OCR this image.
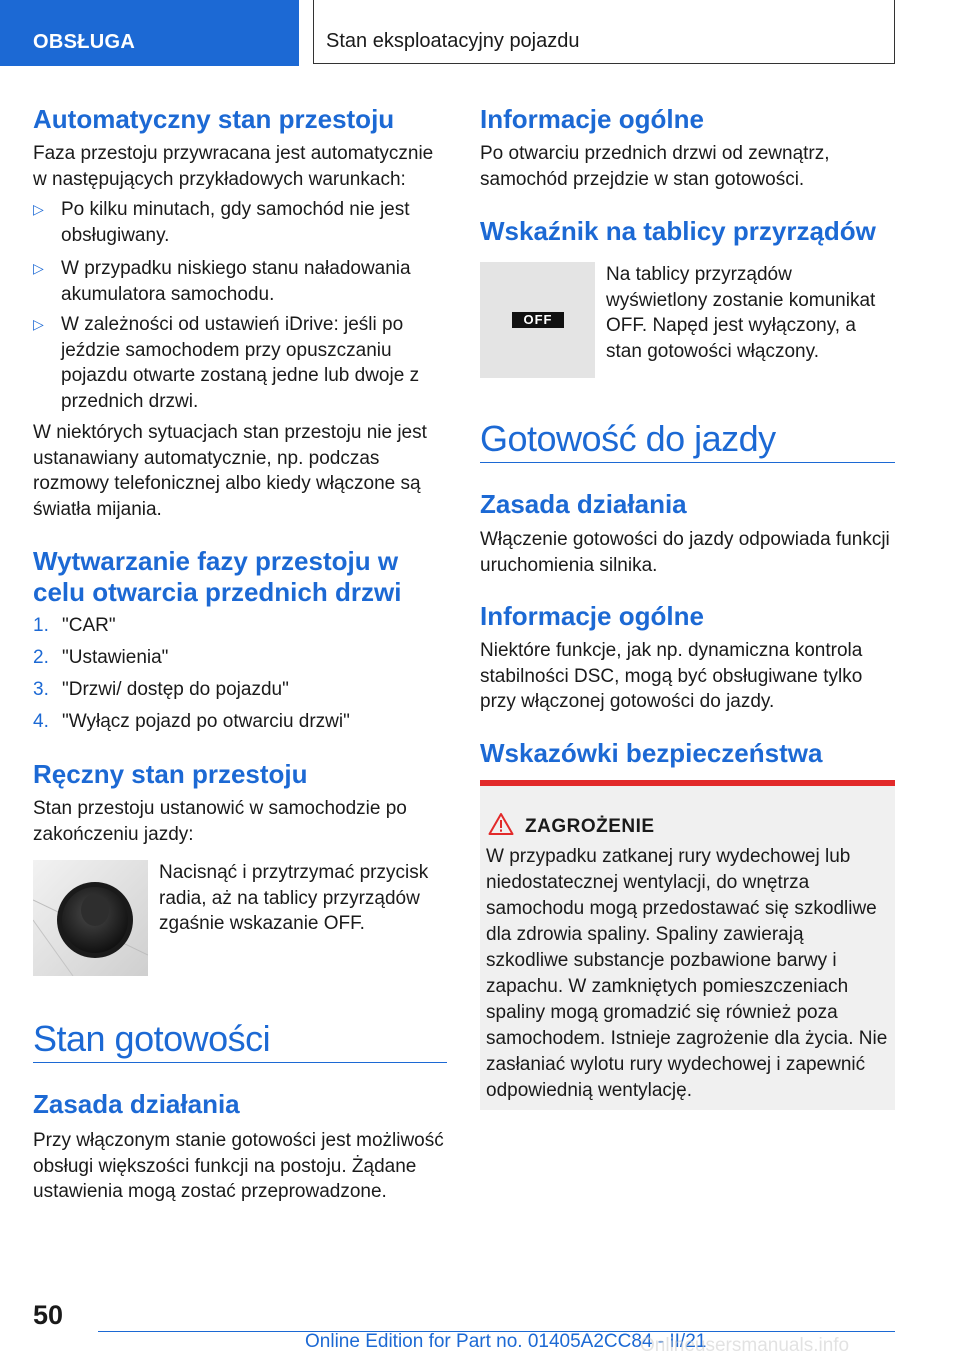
OBSŁUGA	Stan eksploatacyjny pojazdu
Automatyczny stan przestoju
Faza przestoju przywracana jest automatycznie w następujących przykładowych warunkach:
▷ Po kilku minutach, gdy samochód nie jest obsługiwany.
▷ W przypadku niskiego stanu naładowania akumulatora samochodu.
▷ W zależności od ustawień iDrive: jeśli po jeździe samochodem przy opuszczaniu pojazdu otwarte zostaną jedne lub dwoje z przednich drzwi.
W niektórych sytuacjach stan przestoju nie jest ustanawiany automatycznie, np. podczas rozmowy telefonicznej albo kiedy włączone są światła mijania.
Wytwarzanie fazy przestoju w
celu otwarcia przednich drzwi
1. "CAR"
2. "Ustawienia"
3. "Drzwi/ dostęp do pojazdu"
4. "Wyłącz pojazd po otwarciu drzwi"
Ręczny stan przestoju
Stan przestoju ustanowić w samochodzie po zakończeniu jazdy:
Nacisnąć i przytrzymać przycisk radia, aż na tablicy przyrządów zgaśnie wskazanie OFF.
Stan gotowości
Zasada działania
Przy włączonym stanie gotowości jest możliwość obsługi większości funkcji na postoju. Żądane ustawienia mogą zostać przeprowadzone.
Informacje ogólne
Po otwarciu przednich drzwi od zewnątrz, samochód przejdzie w stan gotowości.
Wskaźnik na tablicy przyrządów
OFF
Na tablicy przyrządów wyświetlony zostanie komunikat OFF. Napęd jest wyłączony, a stan gotowości włączony.
Gotowość do jazdy
Zasada działania
Włączenie gotowości do jazdy odpowiada funkcji uruchomienia silnika.
Informacje ogólne
Niektóre funkcje, jak np. dynamiczna kontrola stabilności DSC, mogą być obsługiwane tylko przy włączonej gotowości do jazdy.
Wskazówki bezpieczeństwa
ZAGROŻENIE
W przypadku zatkanej rury wydechowej lub niedostatecznej wentylacji, do wnętrza samochodu mogą przedostawać się szkodliwe dla zdrowia spaliny. Spaliny zawierają szkodliwe substancje pozbawione barwy i zapachu. W zamkniętych pomieszczeniach spaliny mogą gromadzić się również poza samochodem. Istnieje zagrożenie dla życia. Nie zasłaniać wylotu rury wydechowej i zapewnić odpowiednią wentylację.
50
Online Edition for Part no. 01405A2CC84 - II/21
Onlineusersmanuals.info
